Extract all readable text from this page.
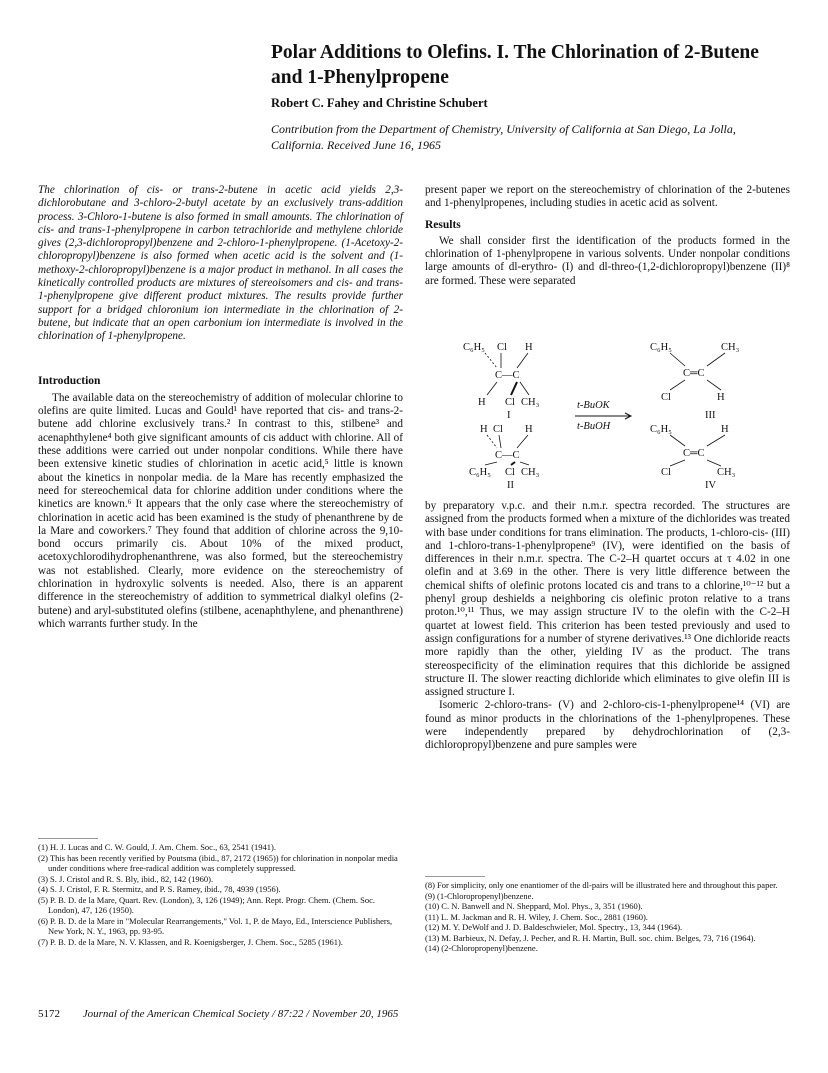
Polar Additions to Olefins. I. The Chlorination of 2-Butene and 1-Phenylpropene
Robert C. Fahey and Christine Schubert
Contribution from the Department of Chemistry, University of California at San Diego, La Jolla, California. Received June 16, 1965

The chlorination of cis- or trans-2-butene in acetic acid yields 2,3-dichlorobutane and 3-chloro-2-butyl acetate by an exclusively trans-addition process. 3-Chloro-1-butene is also formed in small amounts. The chlorination of cis- and trans-1-phenylpropene in carbon tetrachloride and methylene chloride gives (2,3-dichloropropyl)benzene and 2-chloro-1-phenylpropene. (1-Acetoxy-2-chloropropyl)benzene is also formed when acetic acid is the solvent and (1-methoxy-2-chloropropyl)benzene is a major product in methanol. In all cases the kinetically controlled products are mixtures of stereoisomers and cis- and trans-1-phenylpropene give different product mixtures. The results provide further support for a bridged chloronium ion intermediate in the chlorination of 2-butene, but indicate that an open carbonium ion intermediate is involved in the chlorination of 1-phenylpropene.

Introduction

The available data on the stereochemistry of addition of molecular chlorine to olefins are quite limited. Lucas and Gould¹ have reported that cis- and trans-2-butene add chlorine exclusively trans.² In contrast to this, stilbene³ and acenaphthylene⁴ both give significant amounts of cis adduct with chlorine. All of these additions were carried out under nonpolar conditions. While there have been extensive kinetic studies of chlorination in acetic acid,⁵ little is known about the kinetics in nonpolar media. de la Mare has recently emphasized the need for stereochemical data for chlorine addition under conditions where the kinetics are known.⁶ It appears that the only case where the stereochemistry of chlorination in acetic acid has been examined is the study of phenanthrene by de la Mare and coworkers.⁷ They found that addition of chlorine across the 9,10-bond occurs primarily cis. About 10% of the mixed product, acetoxychlorodihydrophenanthrene, was also formed, but the stereochemistry was not established. Clearly, more evidence on the stereochemistry of chlorination in hydroxylic solvents is needed. Also, there is an apparent difference in the stereochemistry of addition to symmetrical dialkyl olefins (2-butene) and aryl-substituted olefins (stilbene, acenaphthylene, and phenanthrene) which warrants further study. In the

(1) H. J. Lucas and C. W. Gould, J. Am. Chem. Soc., 63, 2541 (1941).
(2) This has been recently verified by Poutsma (ibid., 87, 2172 (1965)) for chlorination in nonpolar media under conditions where free-radical addition was completely suppressed.
(3) S. J. Cristol and R. S. Bly, ibid., 82, 142 (1960).
(4) S. J. Cristol, F. R. Stermitz, and P. S. Ramey, ibid., 78, 4939 (1956).
(5) P. B. D. de la Mare, Quart. Rev. (London), 3, 126 (1949); Ann. Rept. Progr. Chem. (Chem. Soc. London), 47, 126 (1950).
(6) P. B. D. de la Mare in "Molecular Rearrangements," Vol. 1, P. de Mayo, Ed., Interscience Publishers, New York, N. Y., 1963, pp. 93-95.
(7) P. B. D. de la Mare, N. V. Klassen, and R. Koenigsberger, J. Chem. Soc., 5285 (1961).

present paper we report on the stereochemistry of chlorination of the 2-butenes and 1-phenylpropenes, including studies in acetic acid as solvent.

Results

We shall consider first the identification of the products formed in the chlorination of 1-phenylpropene in various solvents. Under nonpolar conditions large amounts of dl-erythro- (I) and dl-threo-(1,2-dichloropropyl)benzene (II)⁸ are formed. These were separated

C₆H₅ Cl H
C—C
H Cl CH₃
I
H Cl H
C—C
C₆H₅ Cl CH₃
II
t-BuOK
t-BuOH
C₆H₅	CH₃
C═C
Cl	H
III
C₆H₅	H
C═C
Cl	CH₃
IV

by preparatory v.p.c. and their n.m.r. spectra recorded. The structures are assigned from the products formed when a mixture of the dichlorides was treated with base under conditions for trans elimination. The products, 1-chloro-cis- (III) and 1-chloro-trans-1-phenylpropene⁹ (IV), were identified on the basis of differences in their n.m.r. spectra. The C-2–H quartet occurs at τ 4.02 in one olefin and at 3.69 in the other. There is very little difference between the chemical shifts of olefinic protons located cis and trans to a chlorine,¹⁰⁻¹² but a phenyl group deshields a neighboring cis olefinic proton relative to a trans proton.¹⁰,¹¹ Thus, we may assign structure IV to the olefin with the C-2–H quartet at lowest field. This criterion has been tested previously and used to assign configurations for a number of styrene derivatives.¹³ One dichloride reacts more rapidly than the other, yielding IV as the product. The trans stereospecificity of the elimination requires that this dichloride be assigned structure II. The slower reacting dichloride which eliminates to give olefin III is assigned structure I.

Isomeric 2-chloro-trans- (V) and 2-chloro-cis-1-phenylpropene¹⁴ (VI) are found as minor products in the chlorinations of the 1-phenylpropenes. These were independently prepared by dehydrochlorination of (2,3-dichloropropyl)benzene and pure samples were

(8) For simplicity, only one enantiomer of the dl-pairs will be illustrated here and throughout this paper.
(9) (1-Chloropropenyl)benzene.
(10) C. N. Banwell and N. Sheppard, Mol. Phys., 3, 351 (1960).
(11) L. M. Jackman and R. H. Wiley, J. Chem. Soc., 2881 (1960).
(12) M. Y. DeWolf and J. D. Baldeschwieler, Mol. Spectry., 13, 344 (1964).
(13) M. Barbieux, N. Defay, J. Pecher, and R. H. Martin, Bull. soc. chim. Belges, 73, 716 (1964).
(14) (2-Chloropropenyl)benzene.
5172 Journal of the American Chemical Society / 87:22 / November 20, 1965
